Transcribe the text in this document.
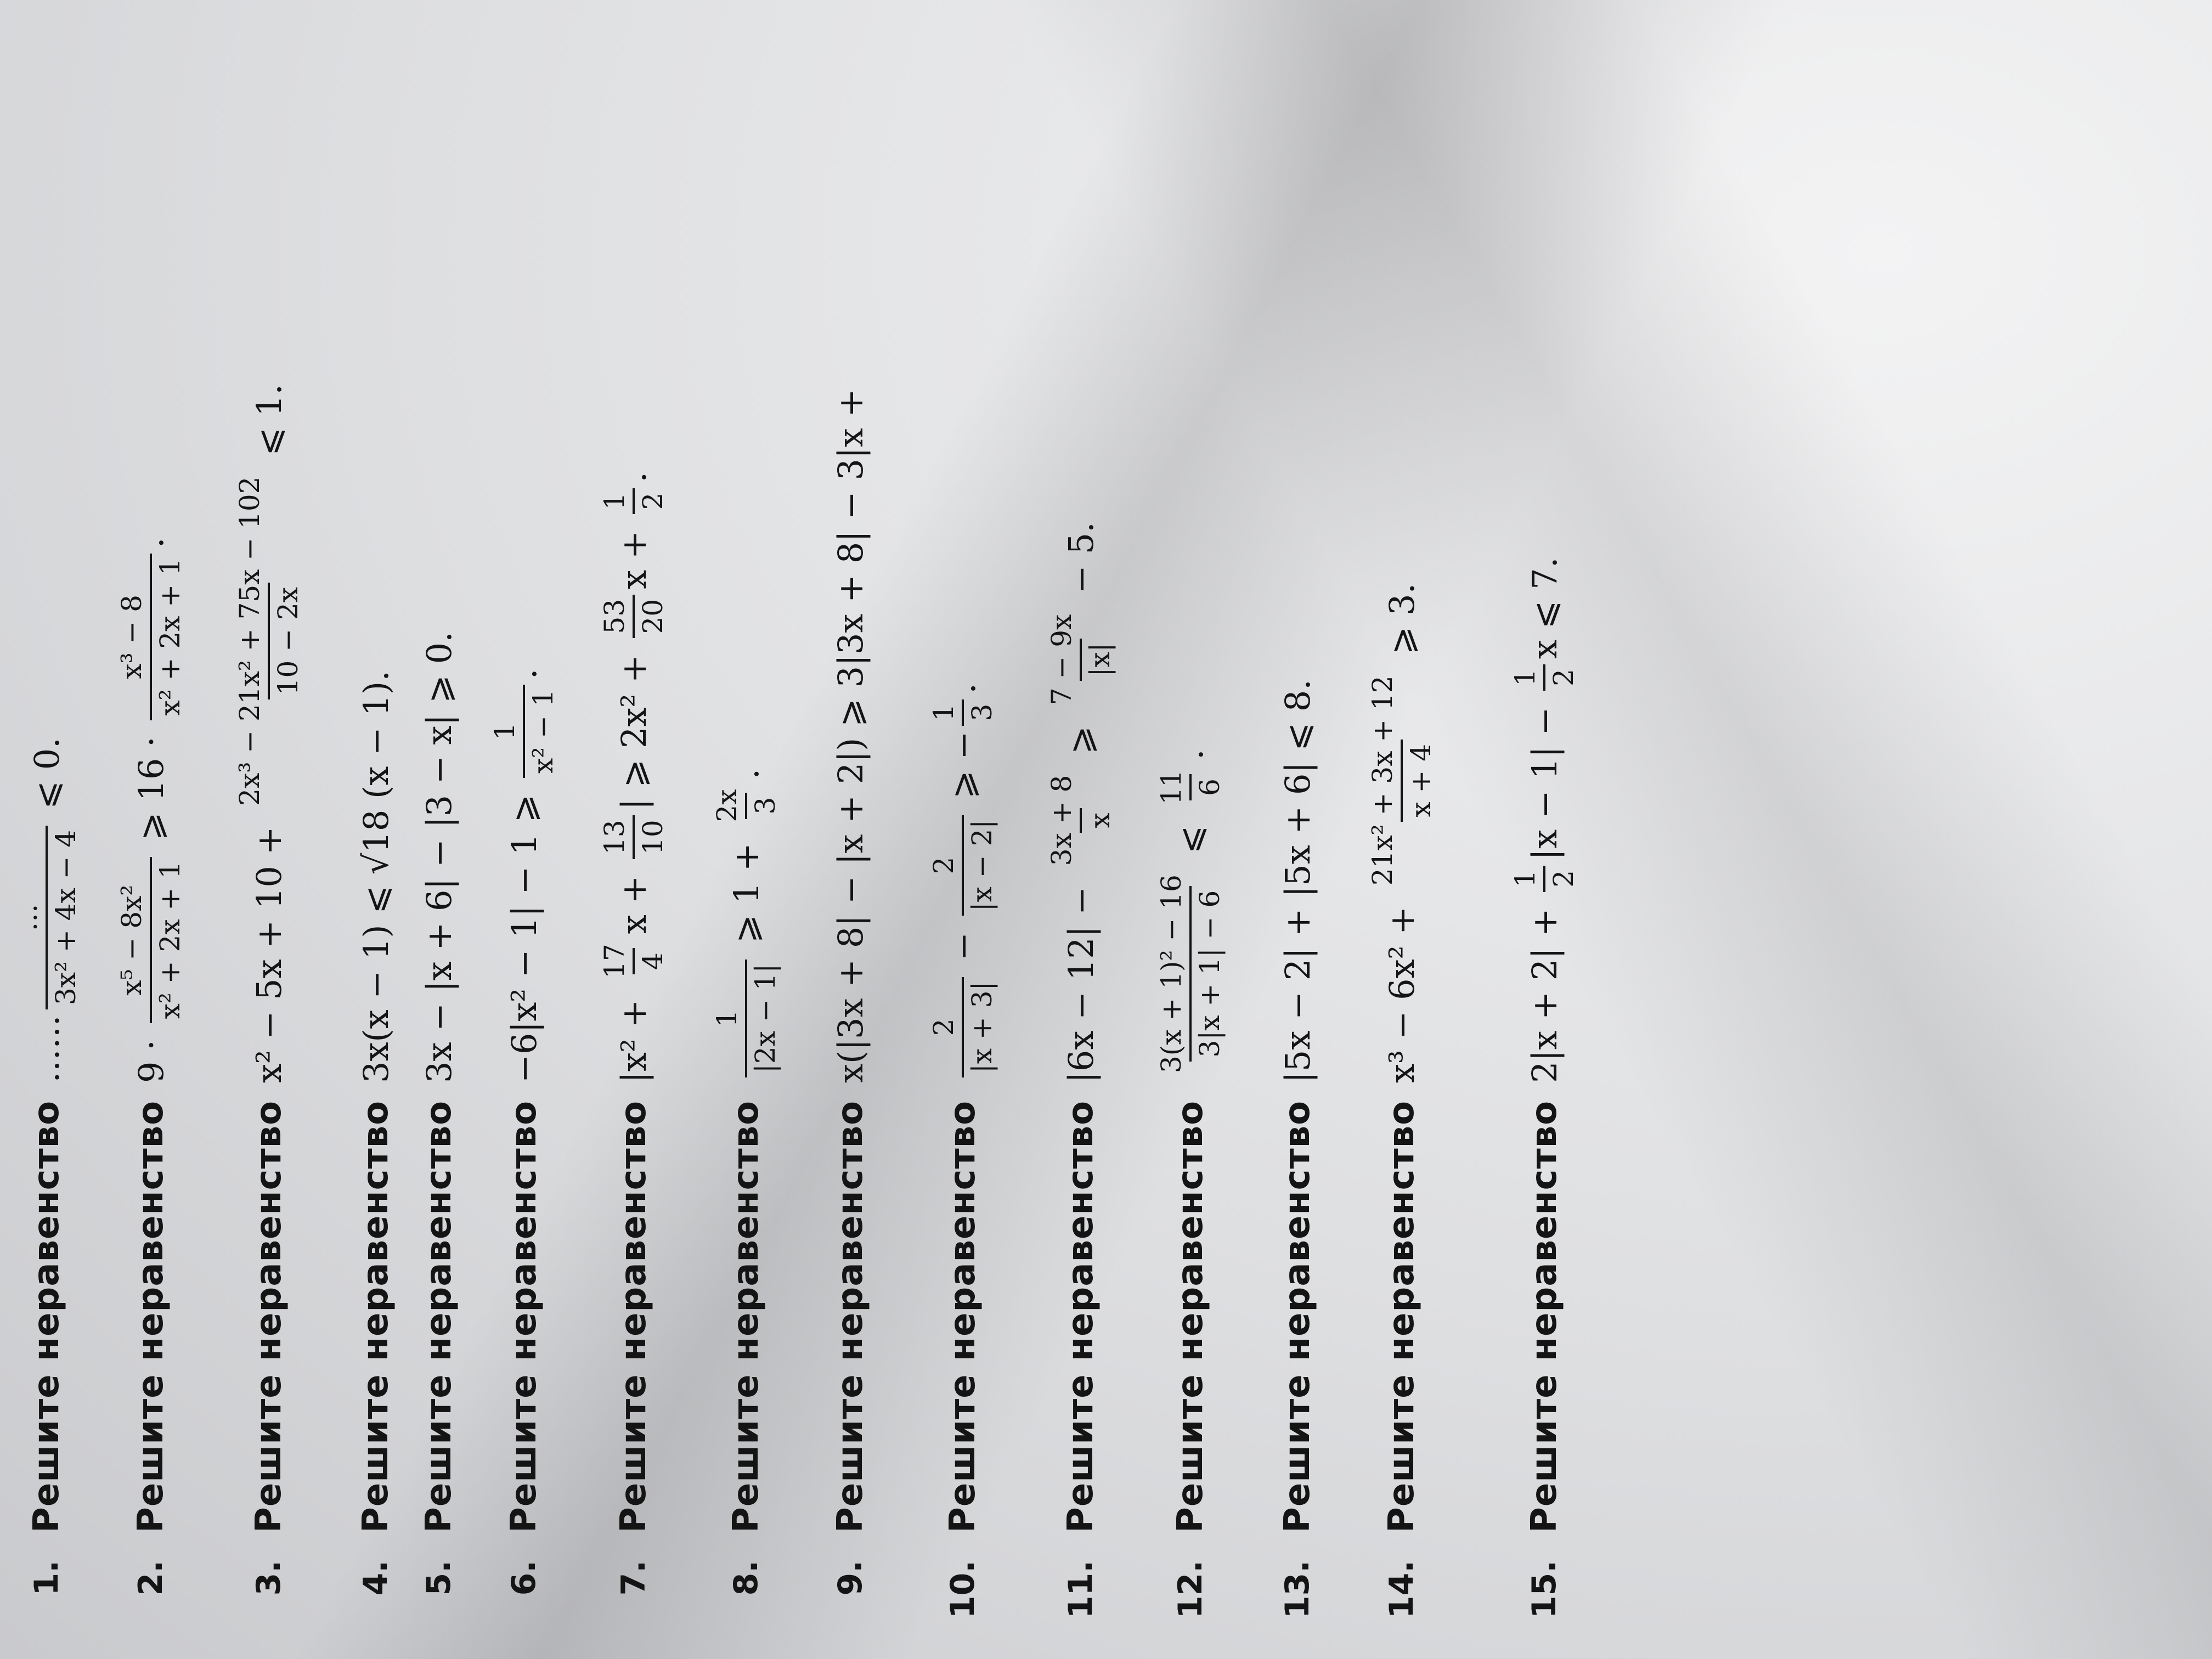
1.
Решите неравенство
……
… 3x² + 4x − 4
⩽ 0.
2.
Решите неравенство
9 ·
x⁵ − 8x² x² + 2x + 1
⩾ 16 ·
x³ − 8 x² + 2x + 1
.
3.
Решите неравенство
x² − 5x + 10 +
2x³ − 21x² + 75x − 102 10 − 2x
⩽ 1.
4.
Решите неравенство
3x(x − 1) ⩽ √18 (x − 1).
5.
Решите неравенство
3x − |x + 6| − |3 − x| ⩾ 0.
6.
Решите неравенство
−6|x² − 1| − 1 ⩾
1 x² − 1
.
7.
Решите неравенство
|x² +
17 4
x +
13 10
| ⩾ 2x² +
53 20
x +
1 2
.
8.
Решите неравенство
1 |2x − 1|
⩾ 1 +
2x 3
.
9.
Решите неравенство
x(|3x + 8| − |x + 2|) ⩾ 3|3x + 8| − 3|x +
10.
Решите неравенство
2 |x + 3|
−
2 |x − 2|
⩾ −
1 3
.
11.
Решите неравенство
|6x − 12| −
3x + 8 x
⩾
7 − 9x |x|
− 5.
12.
Решите неравенство
3(x + 1)² − 16 3|x + 1| − 6
⩽
11 6
.
13.
Решите неравенство
|5x − 2| + |5x + 6| ⩽ 8.
14.
Решите неравенство
x³ − 6x² +
21x² + 3x + 12 x + 4
⩾ 3.
15.
Решите неравенство
2|x + 2| +
1 2
|x − 1| −
1 2
x ⩽ 7.
